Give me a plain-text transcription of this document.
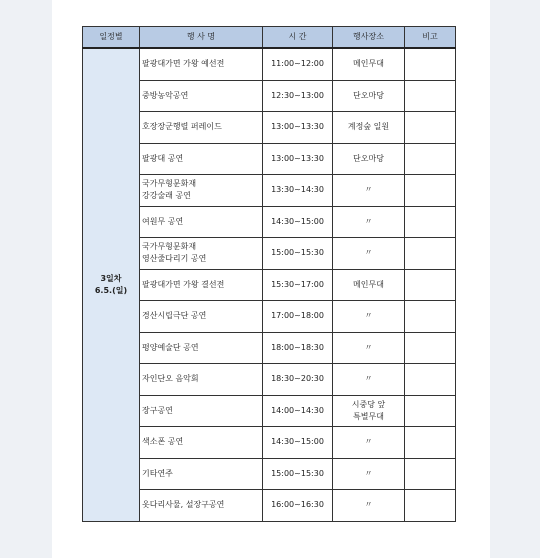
일정별	행 사 명	시 간	행사장소	비고

3일차
6.5.(일)	팔광대가면 가왕 예선전	11:00~12:00	메인무대	

	중방농악공연	12:30~13:00	단오마당	

	호장장군행렬 퍼레이드	13:00~13:30	계정숲 일원	

	팔광대 공연	13:00~13:30	단오마당	

	국가무형문화재
강강술래 공연	13:30~14:30	〃	

	여원무 공연	14:30~15:00	〃	

	국가무형문화재
영산줄다리기 공연	15:00~15:30	〃	

	팔광대가면 가왕 결선전	15:30~17:00	메인무대	

	경산시립극단 공연	17:00~18:00	〃	

	평양예술단 공연	18:00~18:30	〃	

	자인단오 음악회	18:30~20:30	〃	

	장구공연	14:00~14:30	시중당 앞
특별무대	

	색소폰 공연	14:30~15:00	〃	

	기타연주	15:00~15:30	〃	

	옷다리사물, 설장구공연	16:00~16:30	〃	
